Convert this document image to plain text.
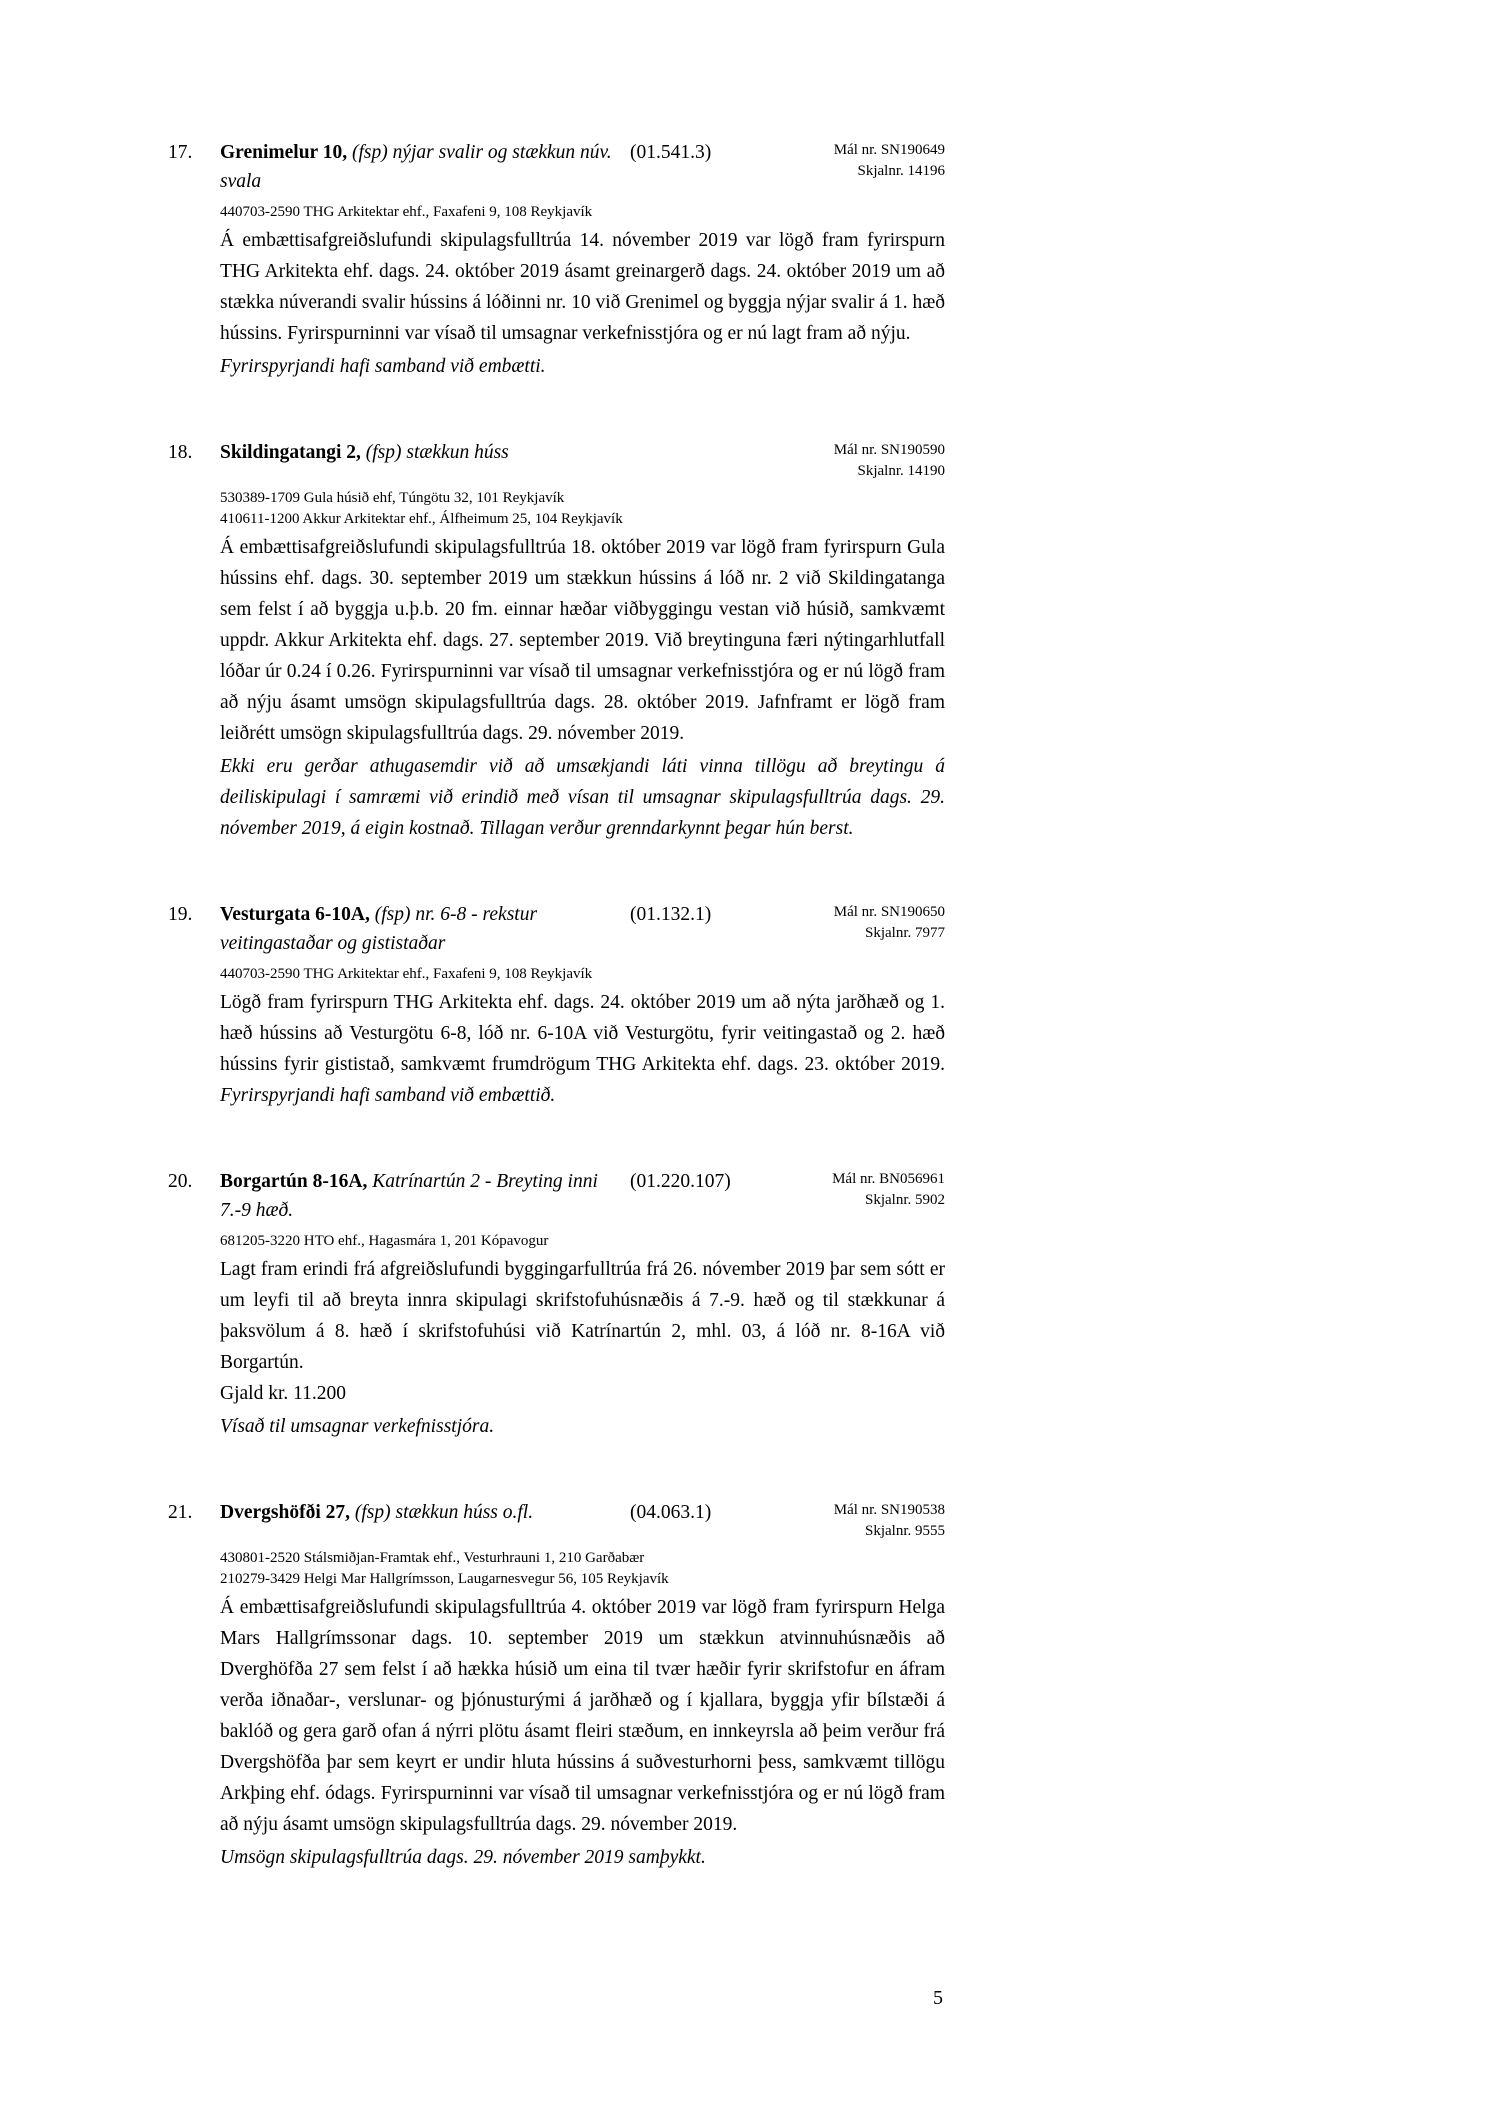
17. Grenimelur 10, (fsp) nýjar svalir og stækkun núv. svala
(01.541.3)	Mál nr. SN190649
Skjalnr. 14196
440703-2590 THG Arkitektar ehf., Faxafeni 9, 108 Reykjavík

Á embættisafgreiðslufundi skipulagsfulltrúa 14. nóvember 2019 var lögð fram fyrirspurn THG Arkitekta ehf. dags. 24. október 2019 ásamt greinargerð dags. 24. október 2019 um að stækka núverandi svalir hússins á lóðinni nr. 10 við Grenimel og byggja nýjar svalir á 1. hæð hússins. Fyrirspurninni var vísað til umsagnar verkefnisstjóra og er nú lagt fram að nýju.

Fyrirspyrjandi hafi samband við embætti.

18. Skildingatangi 2, (fsp) stækkun húss	Mál nr. SN190590
Skjalnr. 14190
530389-1709 Gula húsið ehf, Túngötu 32, 101 Reykjavík
410611-1200 Akkur Arkitektar ehf., Álfheimum 25, 104 Reykjavík

Á embættisafgreiðslufundi skipulagsfulltrúa 18. október 2019 var lögð fram fyrirspurn Gula hússins ehf. dags. 30. september 2019 um stækkun hússins á lóð nr. 2 við Skildingatanga sem felst í að byggja u.þ.b. 20 fm. einnar hæðar viðbyggingu vestan við húsið, samkvæmt uppdr. Akkur Arkitekta ehf. dags. 27. september 2019. Við breytinguna færi nýtingarhlutfall lóðar úr 0.24 í 0.26. Fyrirspurninni var vísað til umsagnar verkefnisstjóra og er nú lögð fram að nýju ásamt umsögn skipulagsfulltrúa dags. 28. október 2019. Jafnframt er lögð fram leiðrétt umsögn skipulagsfulltrúa dags. 29. nóvember 2019.

Ekki eru gerðar athugasemdir við að umsækjandi láti vinna tillögu að breytingu á deiliskipulagi í samræmi við erindið með vísan til umsagnar skipulagsfulltrúa dags. 29. nóvember 2019, á eigin kostnað. Tillagan verður grenndarkynnt þegar hún berst.

19. Vesturgata 6-10A, (fsp) nr. 6-8 - rekstur veitingastaðar og gististaðar
(01.132.1)	Mál nr. SN190650
Skjalnr. 7977
440703-2590 THG Arkitektar ehf., Faxafeni 9, 108 Reykjavík

Lögð fram fyrirspurn THG Arkitekta ehf. dags. 24. október 2019 um að nýta jarðhæð og 1. hæð hússins að Vesturgötu 6-8, lóð nr. 6-10A við Vesturgötu, fyrir veitingastað og 2. hæð hússins fyrir gististað, samkvæmt frumdrögum THG Arkitekta ehf. dags. 23. október 2019. Fyrirspyrjandi hafi samband við embættið.

20. Borgartún 8-16A, Katrínartún 2 - Breyting inni 7.-9 hæð.
(01.220.107)	Mál nr. BN056961
Skjalnr. 5902
681205-3220 HTO ehf., Hagasmára 1, 201 Kópavogur

Lagt fram erindi frá afgreiðslufundi byggingarfulltrúa frá 26. nóvember 2019 þar sem sótt er um leyfi til að breyta innra skipulagi skrifstofuhúsnæðis á 7.-9. hæð og til stækkunar á þaksvölum á 8. hæð í skrifstofuhúsi við Katrínartún 2, mhl. 03, á lóð nr. 8-16A við Borgartún.

Gjald kr. 11.200

Vísað til umsagnar verkefnisstjóra.

21. Dvergshöfði 27, (fsp) stækkun húss o.fl.	(04.063.1)	Mál nr. SN190538
Skjalnr. 9555
430801-2520 Stálsmiðjan-Framtak ehf., Vesturhrauni 1, 210 Garðabær
210279-3429 Helgi Mar Hallgrímsson, Laugarnesvegur 56, 105 Reykjavík

Á embættisafgreiðslufundi skipulagsfulltrúa 4. október 2019 var lögð fram fyrirspurn Helga Mars Hallgrímssonar dags. 10. september 2019 um stækkun atvinnuhúsnæðis að Dverghöfða 27 sem felst í að hækka húsið um eina til tvær hæðir fyrir skrifstofur en áfram verða iðnaðar-, verslunar- og þjónusturými á jarðhæð og í kjallara, byggja yfir bílstæði á baklóð og gera garð ofan á nýrri plötu ásamt fleiri stæðum, en innkeyrsla að þeim verður frá Dvergshöfða þar sem keyrt er undir hluta hússins á suðvesturhorni þess, samkvæmt tillögu Arkþing ehf. ódags. Fyrirspurninni var vísað til umsagnar verkefnisstjóra og er nú lögð fram að nýju ásamt umsögn skipulagsfulltrúa dags. 29. nóvember 2019.

Umsögn skipulagsfulltrúa dags. 29. nóvember 2019 samþykkt.

5
